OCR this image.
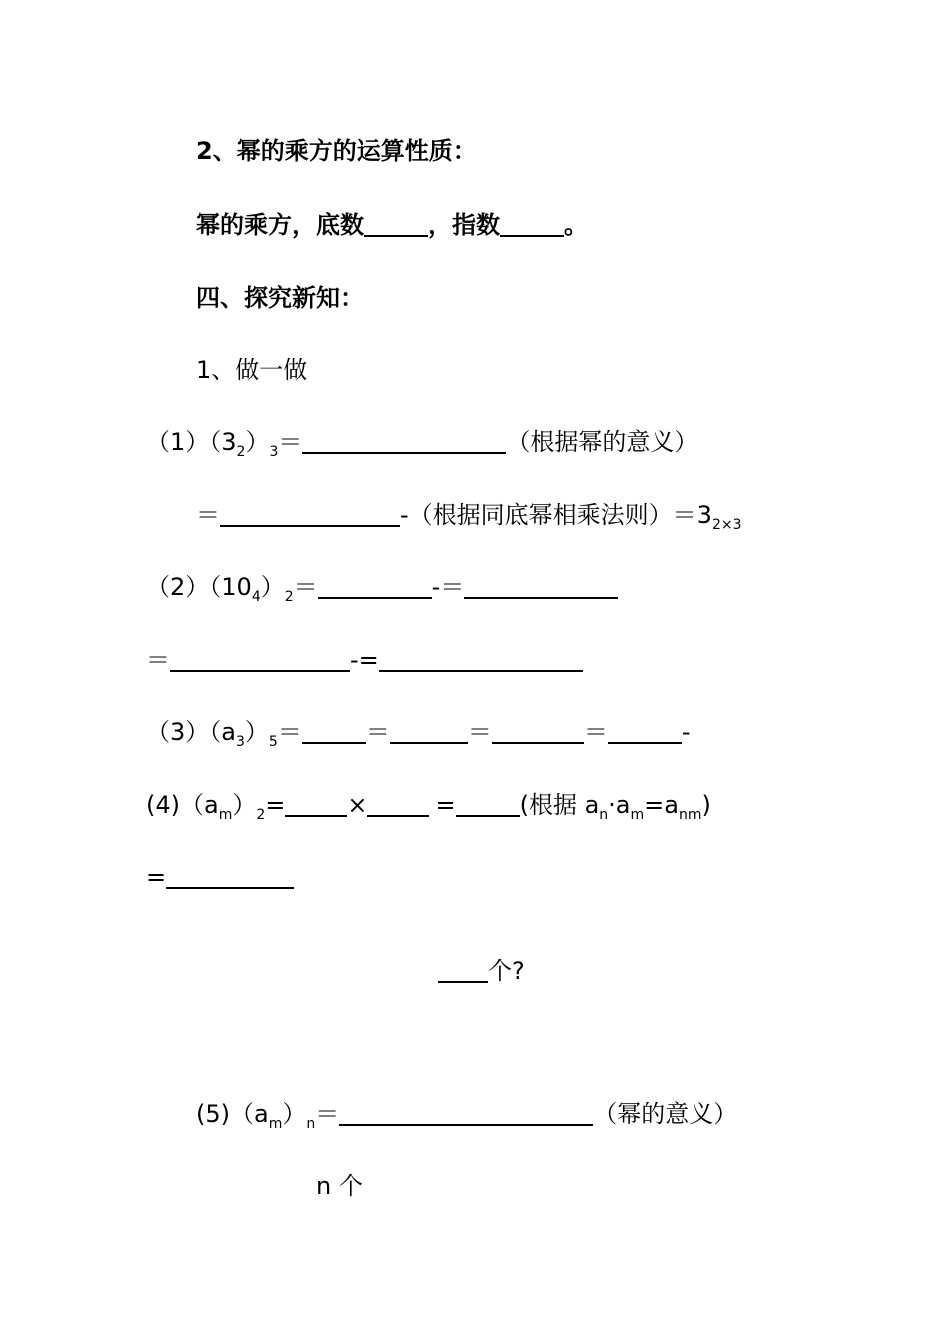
2、幂的乘方的运算性质：
幂的乘方，底数	，指数	。
四、探究新知：
1、做一做
$(1)(3^2$ ）$^3$ ＝	（根据幂的意义）
＝	-（根据同底幂相乘法则）$=3^{2\times 3}$
$(2)(10^4$ ）$^2$ ＝	-＝
＝	-=
$(3)(a^3$ ）$^5$ ＝	＝	＝	＝	-
$(4)(a^m$ ）$^2$ =	×	=	(根据 $a^n \cdot a^m =a^{nm}$ )
=
个?
$(5)(a^m$ ）$^n$ ＝	（幂的意义）
n 个
